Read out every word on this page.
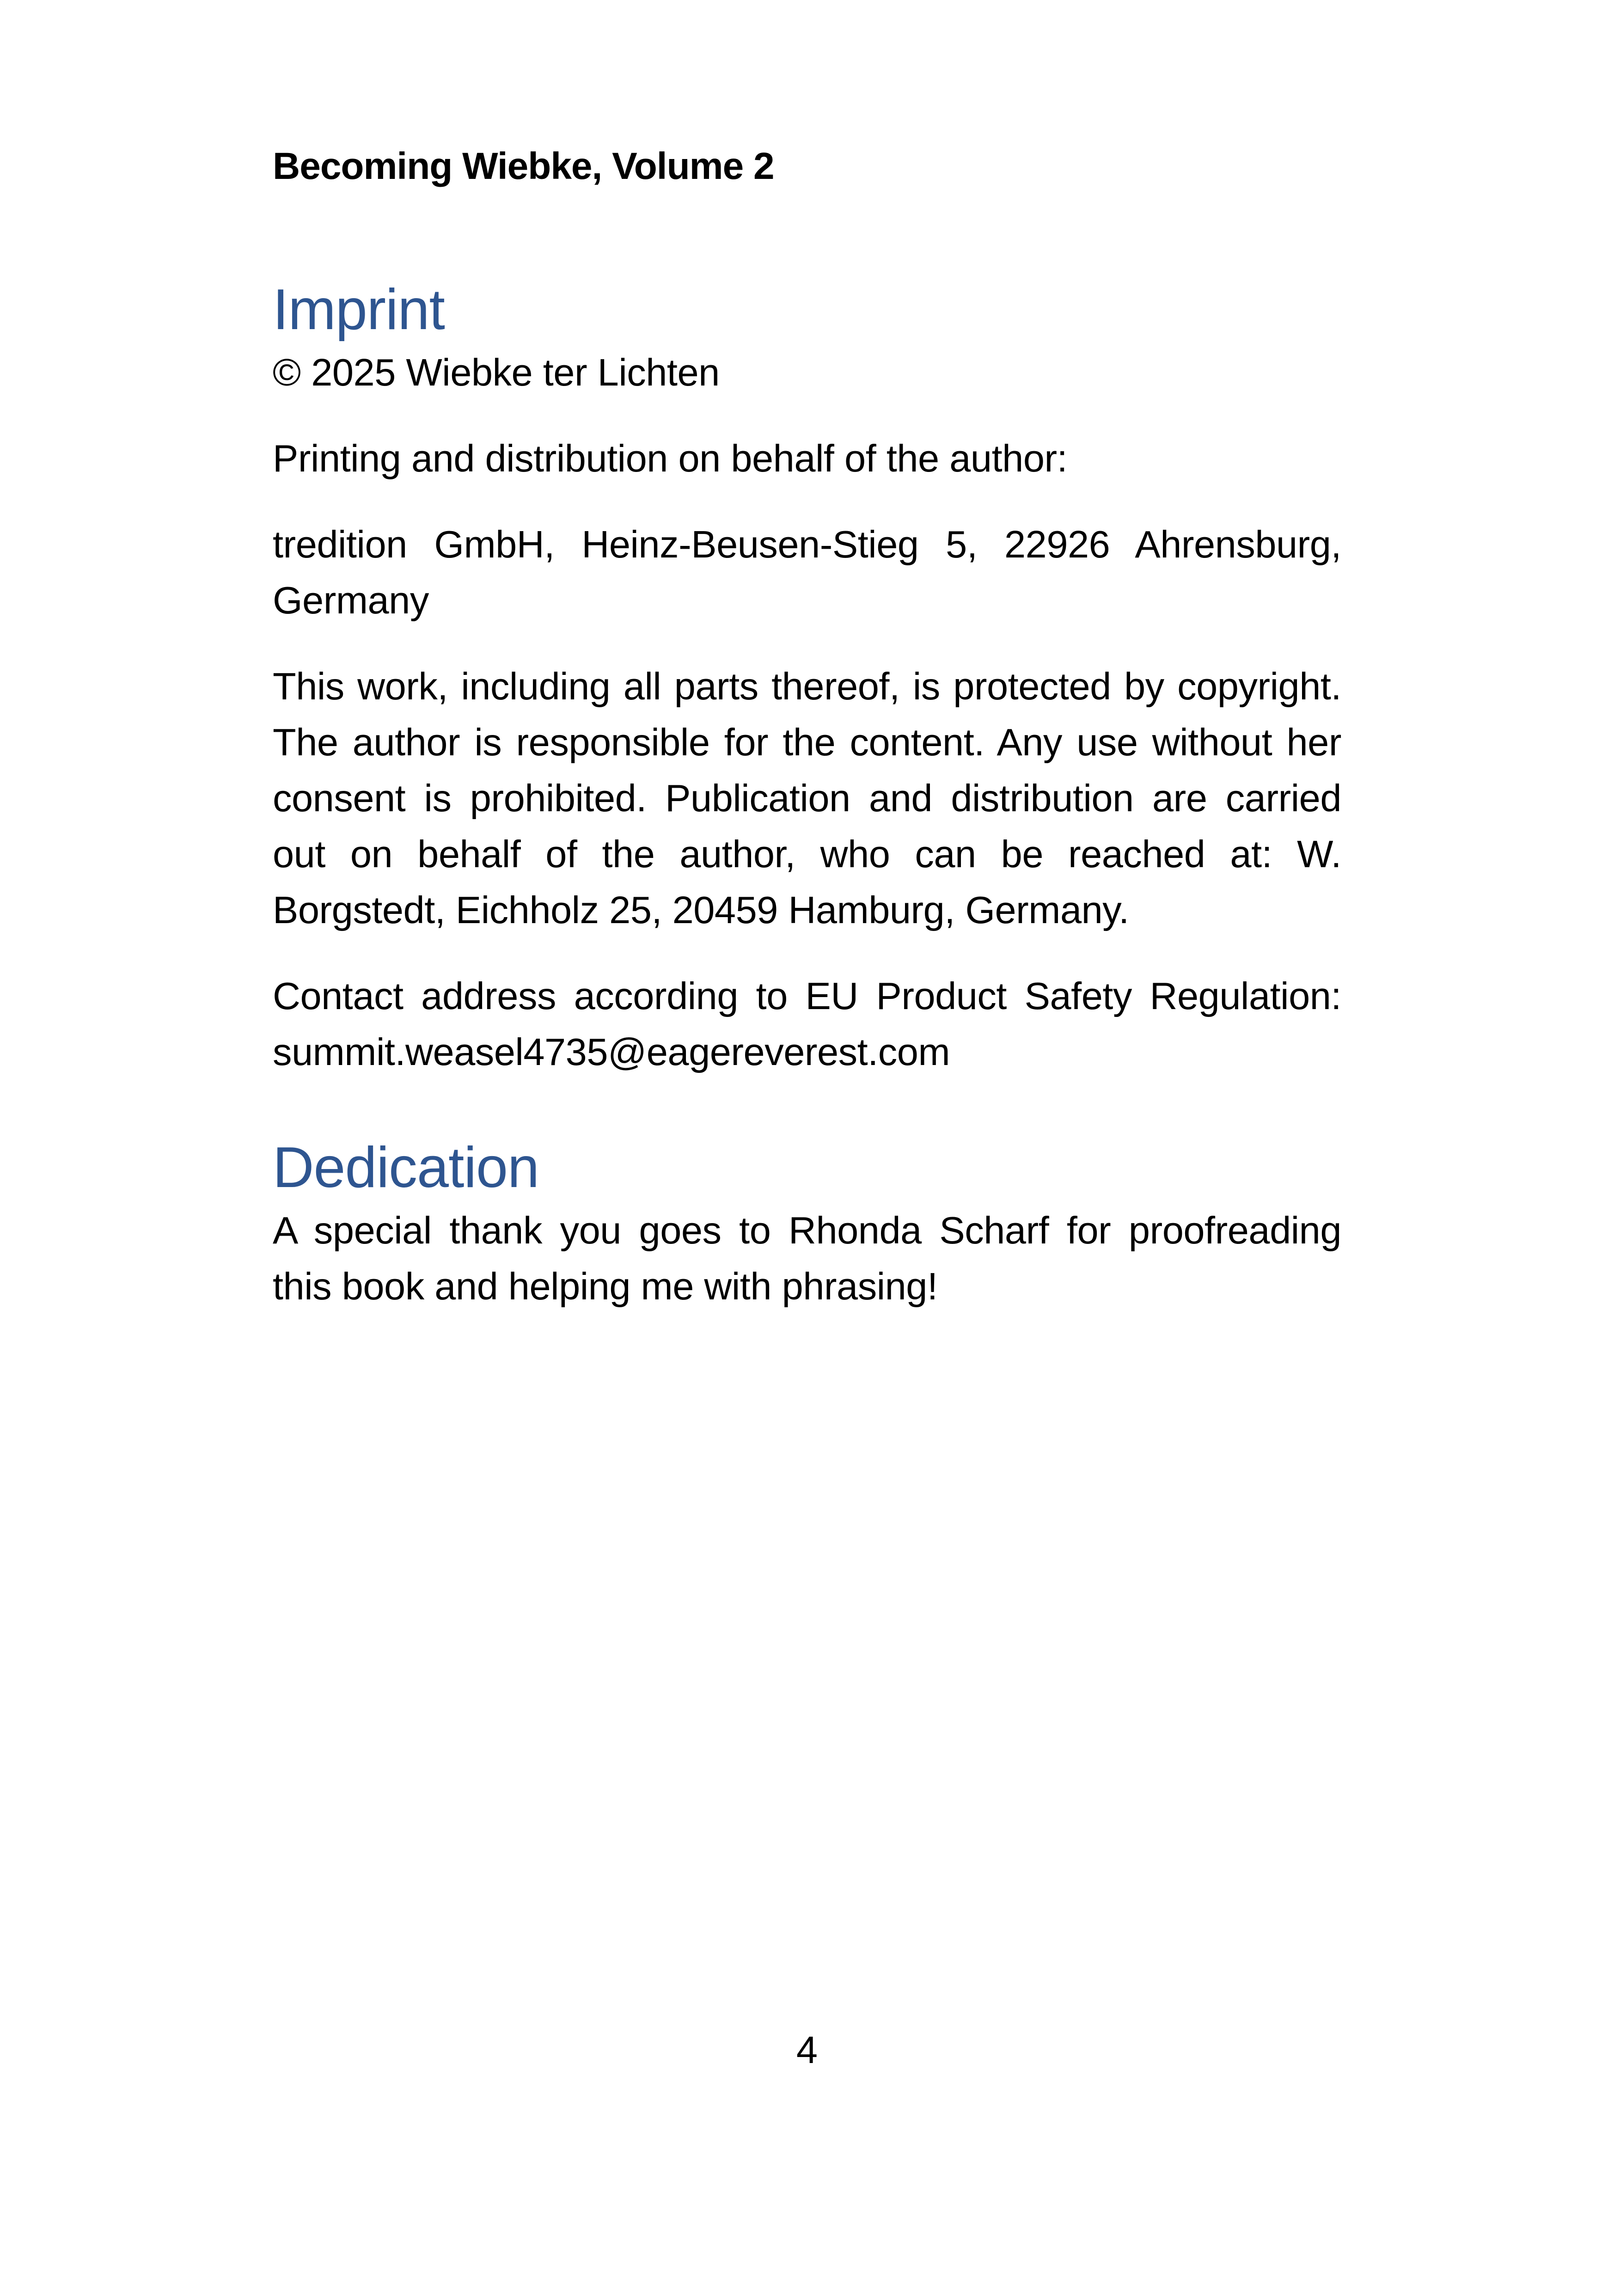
Becoming Wiebke, Volume 2

Imprint

© 2025 Wiebke ter Lichten

Printing and distribution on behalf of the author:

tredition GmbH, Heinz-Beusen-Stieg 5, 22926 Ahrensburg, Germany

This work, including all parts thereof, is protected by copyright. The author is responsible for the content. Any use without her consent is prohibited. Publication and distribution are carried out on behalf of the author, who can be reached at: W. Borgstedt, Eichholz 25, 20459 Hamburg, Germany.

Contact address according to EU Product Safety Regulation: summit.weasel4735@eagereverest.com

Dedication

A special thank you goes to Rhonda Scharf for proofreading this book and helping me with phrasing!

4
